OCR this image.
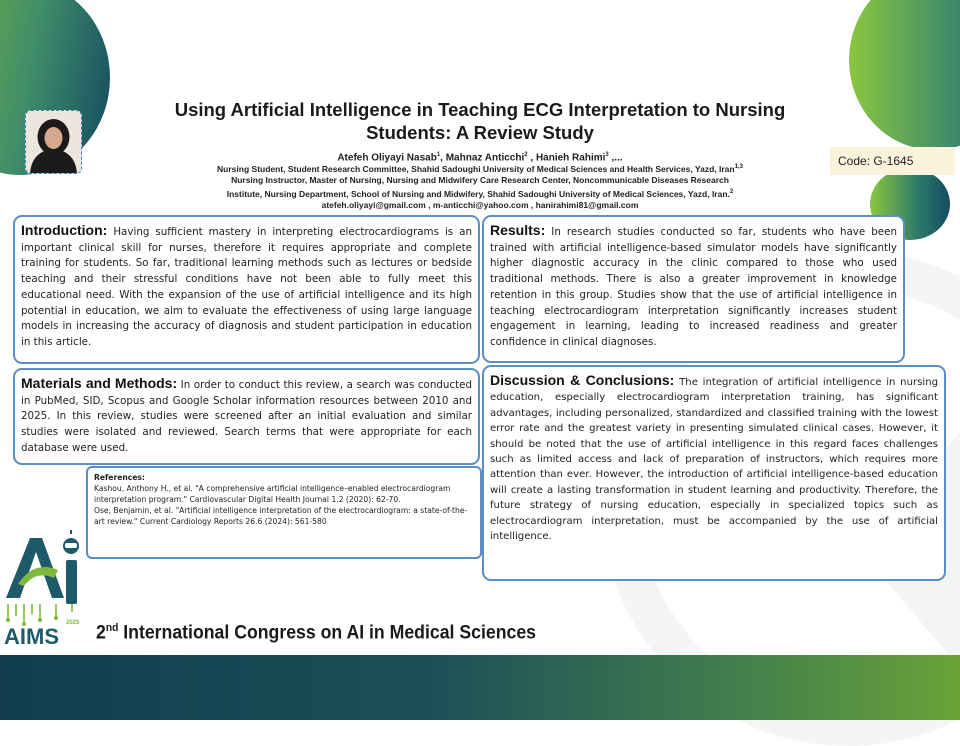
Using Artificial Intelligence in Teaching ECG Interpretation to Nursing Students: A Review Study
Atefeh Oliyayi Nasab$^1$, Mahnaz Anticchi$^2$ , Hanieh Rahimi$^3$ ,...
Nursing Student, Student Research Committee, Shahid Sadoughi University of Medical Sciences and Health Services, Yazd, Iran$^{1,3}$
Nursing Instructor, Master of Nursing, Nursing and Midwifery Care Research Center, Noncommunicable Diseases Research
Institute, Nursing Department, School of Nursing and Midwifery, Shahid Sadoughi University of Medical Sciences, Yazd, Iran.$^2$
atefeh.oliyayi@gmail.com , m-anticchi@yahoo.com , hanirahimi81@gmail.com
Code: G-1645
Introduction: Having sufficient mastery in interpreting electrocardiograms is an important clinical skill for nurses, therefore it requires appropriate and complete training for students. So far, traditional learning methods such as lectures or bedside teaching and their stressful conditions have not been able to fully meet this educational need. With the expansion of the use of artificial intelligence and its high potential in education, we aim to evaluate the effectiveness of using large language models in increasing the accuracy of diagnosis and student participation in education in this article.
Results: In research studies conducted so far, students who have been trained with artificial intelligence-based simulator models have significantly higher diagnostic accuracy in the clinic compared to those who used traditional methods. There is also a greater improvement in knowledge retention in this group. Studies show that the use of artificial intelligence in teaching electrocardiogram interpretation significantly increases student engagement in learning, leading to increased readiness and greater confidence in clinical diagnoses.
Materials and Methods: In order to conduct this review, a search was conducted in PubMed, SID, Scopus and Google Scholar information resources between 2010 and 2025. In this review, studies were screened after an initial evaluation and similar studies were isolated and reviewed. Search terms that were appropriate for each database were used.
Discussion & Conclusions: The integration of artificial intelligence in nursing education, especially electrocardiogram interpretation training, has significant advantages, including personalized, standardized and classified training with the lowest error rate and the greatest variety in presenting simulated clinical cases. However, it should be noted that the use of artificial intelligence in this regard faces challenges such as limited access and lack of preparation of instructors, which requires more attention than ever. However, the introduction of artificial intelligence-based education will create a lasting transformation in student learning and productivity. Therefore, the future strategy of nursing education, especially in specialized topics such as electrocardiogram interpretation, must be accompanied by the use of artificial intelligence.
References:
Kashou, Anthony H., et al. "A comprehensive artificial intelligence–enabled electrocardiogram interpretation program." Cardiovascular Digital Health Journal 1.2 (2020): 62-70.
Ose, Benjamin, et al. "Artificial intelligence interpretation of the electrocardiogram: a state-of-the-art review." Current Cardiology Reports 26.6 (2024): 561-580
AIMS
2025 2nd International Congress on AI in Medical Sciences
